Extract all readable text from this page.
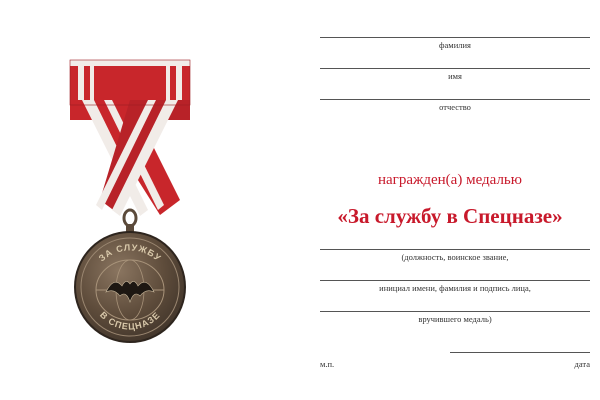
ЗА СЛУЖБУ
В СПЕЦНАЗЕ
фамилия
имя
отчество
награжден(а) медалью
«За службу в Спецназе»
(должность, воинское звание,
инициал имени, фамилия и подпись лица,
вручившего медаль)
м.п.	дата
